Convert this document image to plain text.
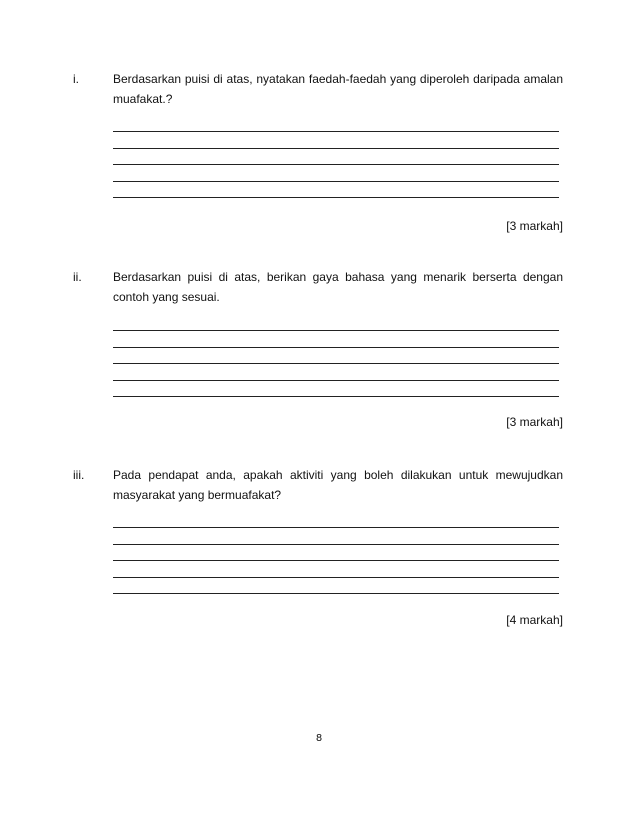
i.	Berdasarkan puisi di atas, nyatakan faedah-faedah yang diperoleh daripada amalan muafakat.?
[3 markah]
ii.	Berdasarkan puisi di atas, berikan gaya bahasa yang menarik berserta dengan contoh yang sesuai.
[3 markah]
iii. Pada pendapat anda, apakah aktiviti yang boleh dilakukan untuk mewujudkan masyarakat yang bermuafakat?
[4 markah]
8
